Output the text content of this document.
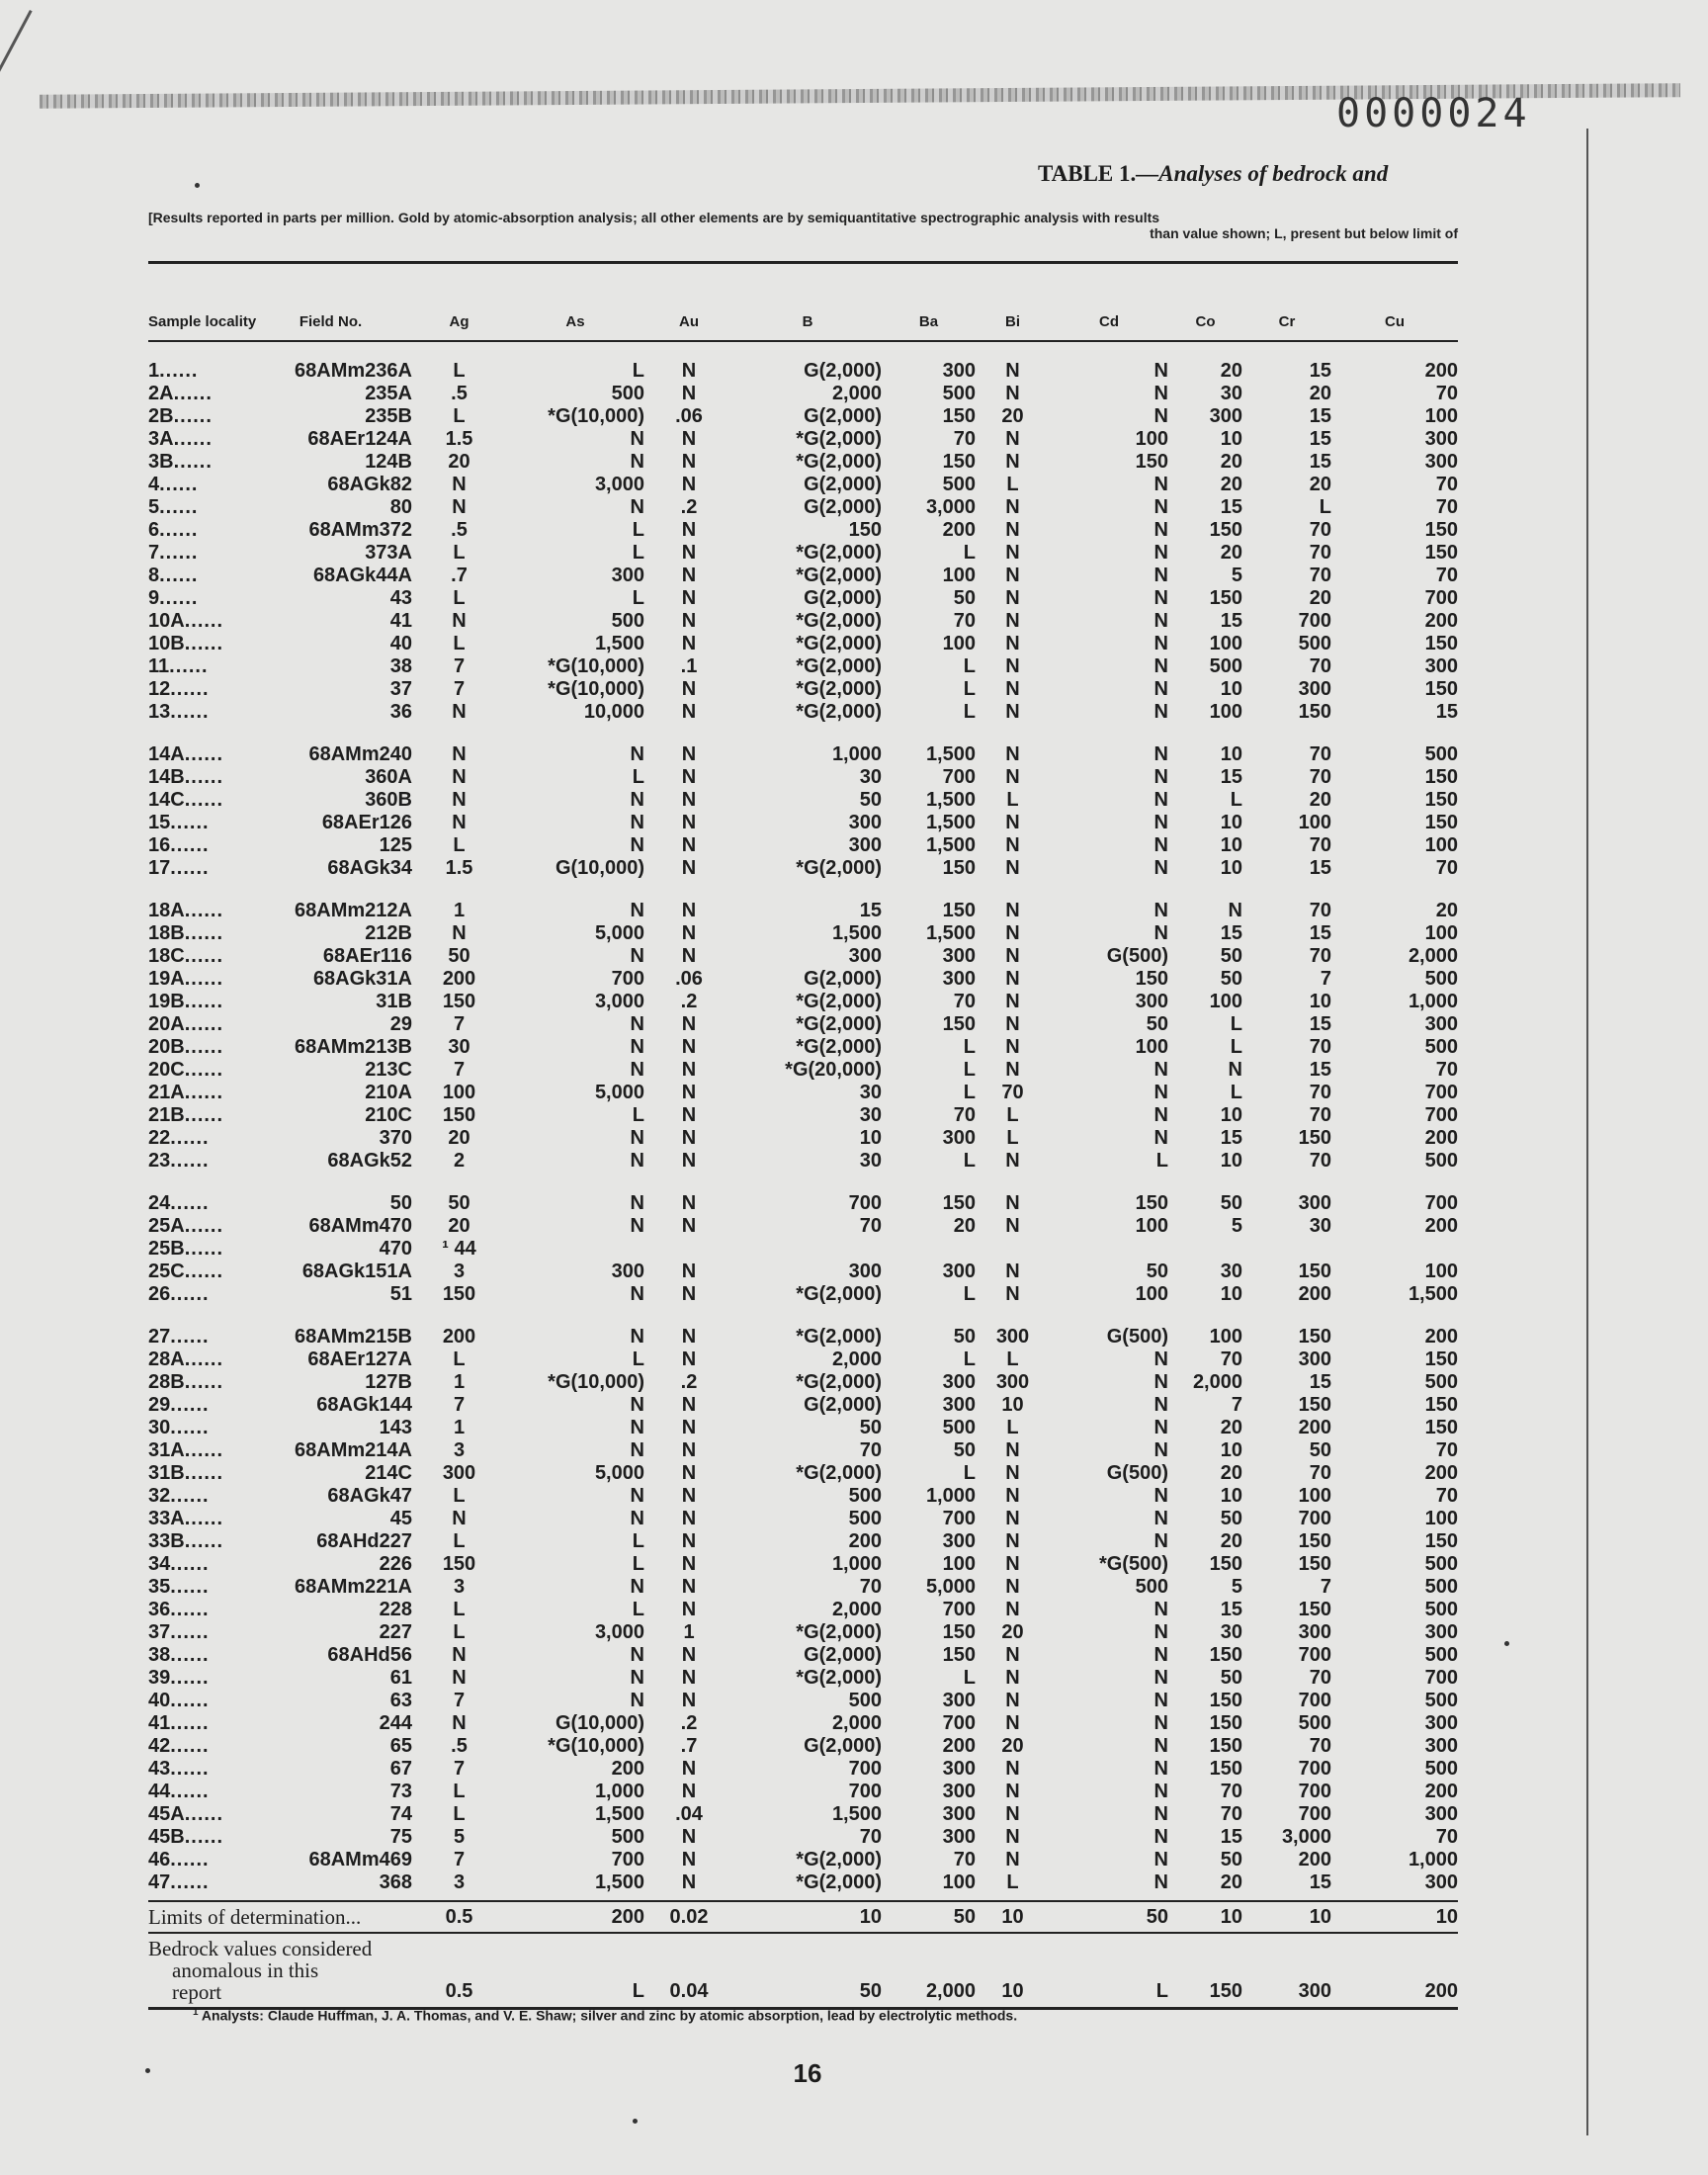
0000024
TABLE 1.—Analyses of bedrock and
[Results reported in parts per million. Gold by atomic-absorption analysis; all other elements are by semiquantitative spectrographic analysis with results
than value shown; L, present but below limit of
Sample locality	Field No.	Ag	As	Au	B	Ba	Bi	Cd	Co	Cr	Cu
1......	68AMm236A	L	L	N	G(2,000)	300	N	N	20	15	200
2A......	235A	.5	500	N	2,000	500	N	N	30	20	70
2B......	235B	L	*G(10,000)	.06	G(2,000)	150	20	N	300	15	100
3A......	68AEr124A	1.5	N	N	*G(2,000)	70	N	100	10	15	300
3B......	124B	20	N	N	*G(2,000)	150	N	150	20	15	300
4......	68AGk82	N	3,000	N	G(2,000)	500	L	N	20	20	70
5......	80	N	N	.2	G(2,000)	3,000	N	N	15	L	70
6......	68AMm372	.5	L	N	150	200	N	N	150	70	150
7......	373A	L	L	N	*G(2,000)	L	N	N	20	70	150
8......	68AGk44A	.7	300	N	*G(2,000)	100	N	N	5	70	70
9......	43	L	L	N	G(2,000)	50	N	N	150	20	700
10A......	41	N	500	N	*G(2,000)	70	N	N	15	700	200
10B......	40	L	1,500	N	*G(2,000)	100	N	N	100	500	150
11......	38	7	*G(10,000)	.1	*G(2,000)	L	N	N	500	70	300
12......	37	7	*G(10,000)	N	*G(2,000)	L	N	N	10	300	150
13......	36	N	10,000	N	*G(2,000)	L	N	N	100	150	15
14A......	68AMm240	N	N	N	1,000	1,500	N	N	10	70	500
14B......	360A	N	L	N	30	700	N	N	15	70	150
14C......	360B	N	N	N	50	1,500	L	N	L	20	150
15......	68AEr126	N	N	N	300	1,500	N	N	10	100	150
16......	125	L	N	N	300	1,500	N	N	10	70	100
17......	68AGk34	1.5	G(10,000)	N	*G(2,000)	150	N	N	10	15	70
18A......	68AMm212A	1	N	N	15	150	N	N	N	70	20
18B......	212B	N	5,000	N	1,500	1,500	N	N	15	15	100
18C......	68AEr116	50	N	N	300	300	N	G(500)	50	70	2,000
19A......	68AGk31A	200	700	.06	G(2,000)	300	N	150	50	7	500
19B......	31B	150	3,000	.2	*G(2,000)	70	N	300	100	10	1,000
20A......	29	7	N	N	*G(2,000)	150	N	50	L	15	300
20B......	68AMm213B	30	N	N	*G(2,000)	L	N	100	L	70	500
20C......	213C	7	N	N	*G(20,000)	L	N	N	N	15	70
21A......	210A	100	5,000	N	30	L	70	N	L	70	700
21B......	210C	150	L	N	30	70	L	N	10	70	700
22......	370	20	N	N	10	300	L	N	15	150	200
23......	68AGk52	2	N	N	30	L	N	L	10	70	500
24......	50	50	N	N	700	150	N	150	50	300	700
25A......	68AMm470	20	N	N	70	20	N	100	5	30	200
25B......	470	¹ 44
25C......	68AGk151A	3	300	N	300	300	N	50	30	150	100
26......	51	150	N	N	*G(2,000)	L	N	100	10	200	1,500
27......	68AMm215B	200	N	N	*G(2,000)	50	300	G(500)	100	150	200
28A......	68AEr127A	L	L	N	2,000	L	L	N	70	300	150
28B......	127B	1	*G(10,000)	.2	*G(2,000)	300	300	N	2,000	15	500
29......	68AGk144	7	N	N	G(2,000)	300	10	N	7	150	150
30......	143	1	N	N	50	500	L	N	20	200	150
31A......	68AMm214A	3	N	N	70	50	N	N	10	50	70
31B......	214C	300	5,000	N	*G(2,000)	L	N	G(500)	20	70	200
32......	68AGk47	L	N	N	500	1,000	N	N	10	100	70
33A......	45	N	N	N	500	700	N	N	50	700	100
33B......	68AHd227	L	L	N	200	300	N	N	20	150	150
34......	226	150	L	N	1,000	100	N	*G(500)	150	150	500
35......	68AMm221A	3	N	N	70	5,000	N	500	5	7	500
36......	228	L	L	N	2,000	700	N	N	15	150	500
37......	227	L	3,000	1	*G(2,000)	150	20	N	30	300	300
38......	68AHd56	N	N	N	G(2,000)	150	N	N	150	700	500
39......	61	N	N	N	*G(2,000)	L	N	N	50	70	700
40......	63	7	N	N	500	300	N	N	150	700	500
41......	244	N	G(10,000)	.2	2,000	700	N	N	150	500	300
42......	65	.5	*G(10,000)	.7	G(2,000)	200	20	N	150	70	300
43......	67	7	200	N	700	300	N	N	150	700	500
44......	73	L	1,000	N	700	300	N	N	70	700	200
45A......	74	L	1,500	.04	1,500	300	N	N	70	700	300
45B......	75	5	500	N	70	300	N	N	15	3,000	70
46......	68AMm469	7	700	N	*G(2,000)	70	N	N	50	200	1,000
47......	368	3	1,500	N	*G(2,000)	100	L	N	20	15	300
Limits of determination...	0.5	200	0.02	10	50	10	50	10	10	10
Bedrock values considered
anomalous in this
report	0.5	L	0.04	50	2,000	10	L	150	300	200
$^1$ Analysts: Claude Huffman, J. A. Thomas, and V. E. Shaw; silver and zinc by atomic absorption, lead by electrolytic methods.
16
